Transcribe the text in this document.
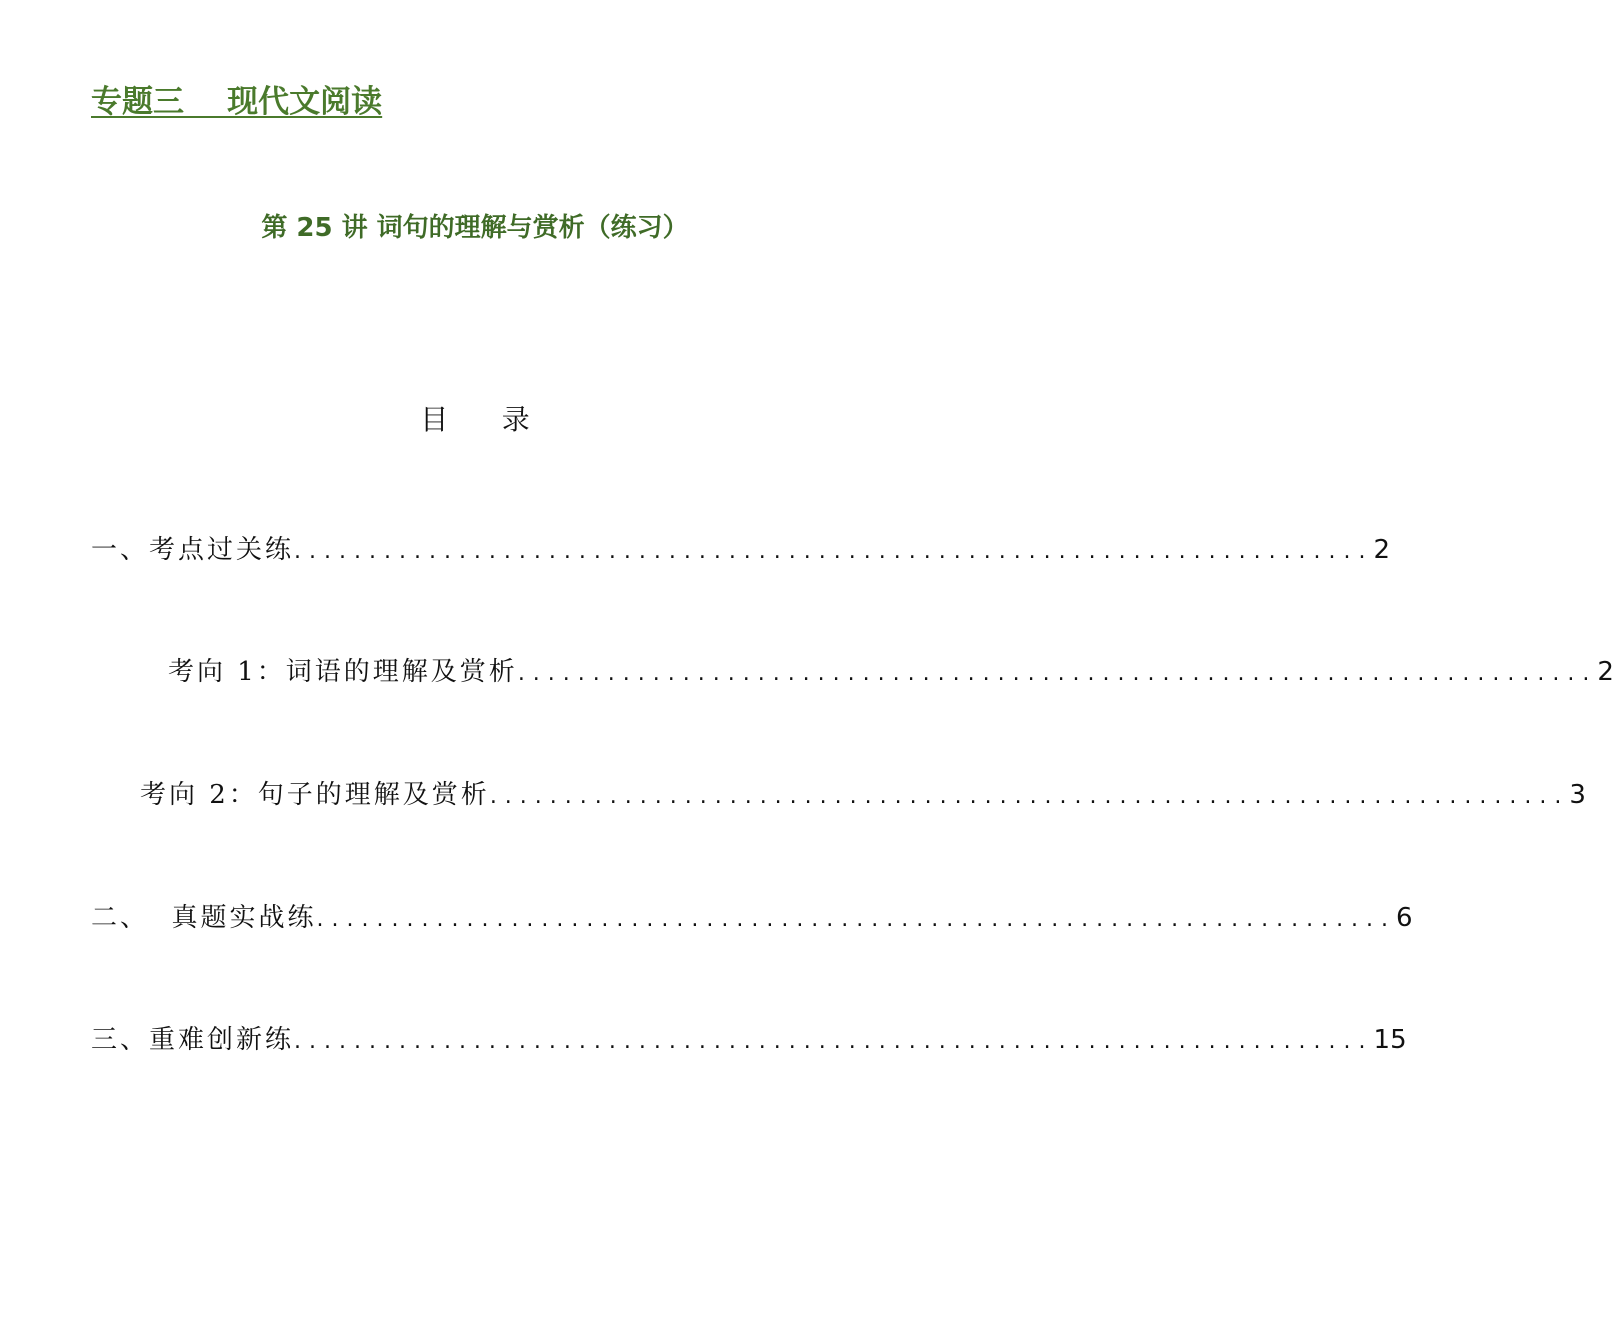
专题三    现代文阅读
第 25 讲 词句的理解与赏析（练习）
目      录
一、考点过关练 ........................................................................ 2
考向 1：词语的理解及赏析 ........................................................................ 2
考向 2：句子的理解及赏析 ........................................................................ 3
二、  真题实战练 ........................................................................ 6
三、重难创新练 ........................................................................ 15
